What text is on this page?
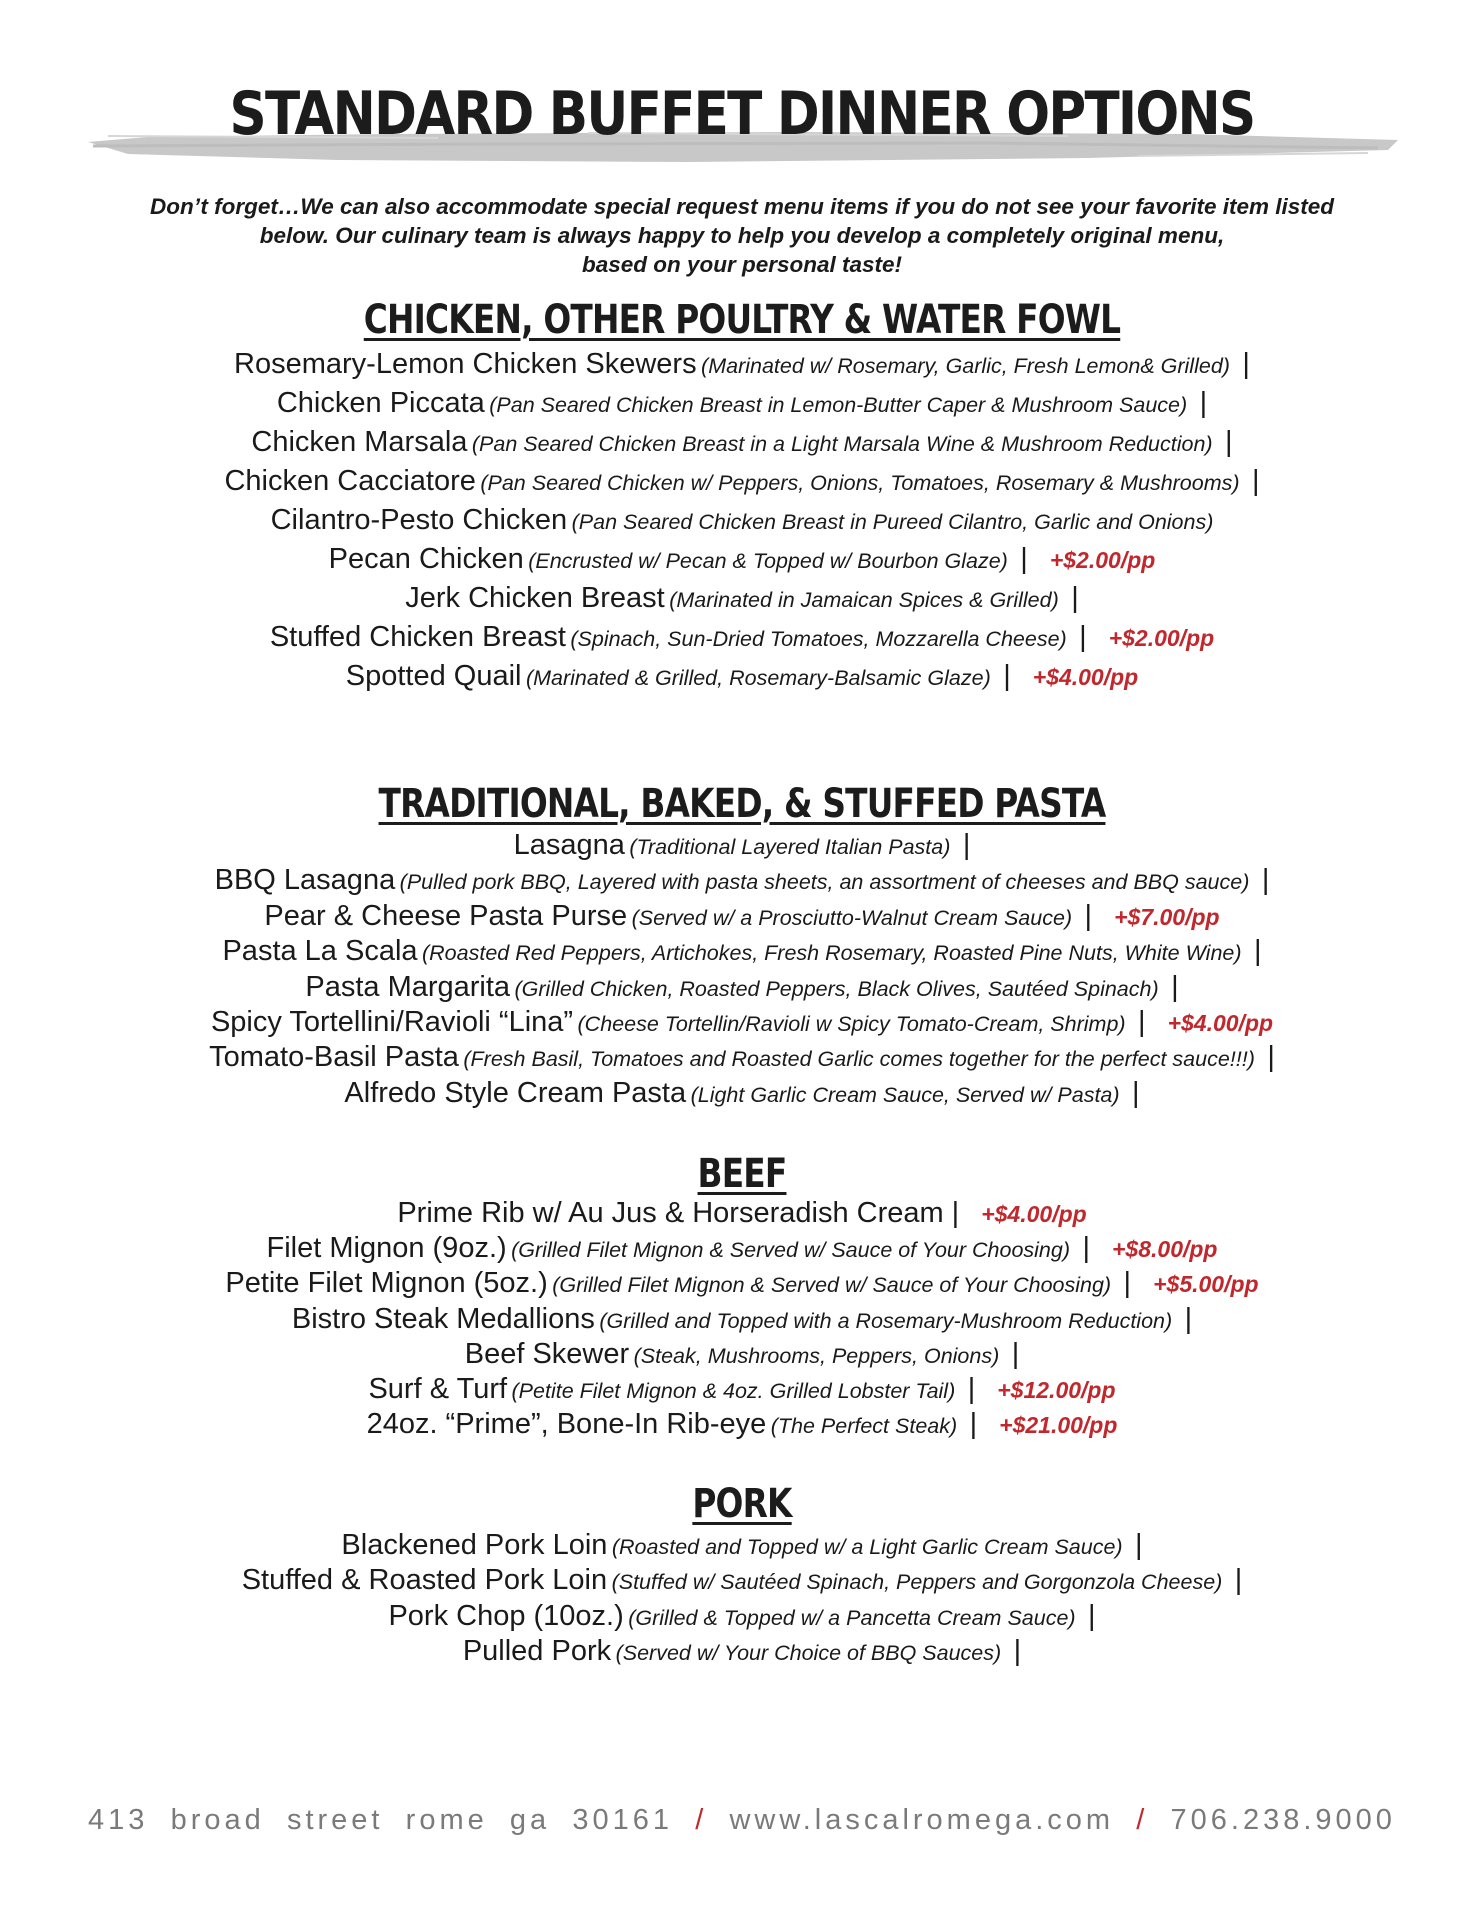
STANDARD BUFFET DINNER OPTIONS
Don’t forget…We can also accommodate special request menu items if you do not see your favorite item listed
below. Our culinary team is always happy to help you develop a completely original menu,
based on your personal taste!
CHICKEN, OTHER POULTRY & WATER FOWL
Rosemary-Lemon Chicken Skewers (Marinated w/ Rosemary, Garlic, Fresh Lemon& Grilled) |
Chicken Piccata (Pan Seared Chicken Breast in Lemon-Butter Caper & Mushroom Sauce) |
Chicken Marsala (Pan Seared Chicken Breast in a Light Marsala Wine & Mushroom Reduction) |
Chicken Cacciatore (Pan Seared Chicken w/ Peppers, Onions, Tomatoes, Rosemary & Mushrooms) |
Cilantro-Pesto Chicken (Pan Seared Chicken Breast in Pureed Cilantro, Garlic and Onions)
Pecan Chicken (Encrusted w/ Pecan & Topped w/ Bourbon Glaze) | +$2.00/pp
Jerk Chicken Breast (Marinated in Jamaican Spices & Grilled) |
Stuffed Chicken Breast (Spinach, Sun-Dried Tomatoes, Mozzarella Cheese) | +$2.00/pp
Spotted Quail (Marinated & Grilled, Rosemary-Balsamic Glaze) | +$4.00/pp
TRADITIONAL, BAKED, & STUFFED PASTA
Lasagna (Traditional Layered Italian Pasta) |
BBQ Lasagna (Pulled pork BBQ, Layered with pasta sheets, an assortment of cheeses and BBQ sauce) |
Pear & Cheese Pasta Purse (Served w/ a Prosciutto-Walnut Cream Sauce) | +$7.00/pp
Pasta La Scala (Roasted Red Peppers, Artichokes, Fresh Rosemary, Roasted Pine Nuts, White Wine) |
Pasta Margarita (Grilled Chicken, Roasted Peppers, Black Olives, Sautéed Spinach) |
Spicy Tortellini/Ravioli “Lina” (Cheese Tortellin/Ravioli w Spicy Tomato-Cream, Shrimp) | +$4.00/pp
Tomato-Basil Pasta (Fresh Basil, Tomatoes and Roasted Garlic comes together for the perfect sauce!!!) |
Alfredo Style Cream Pasta (Light Garlic Cream Sauce, Served w/ Pasta) |
BEEF
Prime Rib w/ Au Jus & Horseradish Cream | +$4.00/pp
Filet Mignon (9oz.) (Grilled Filet Mignon & Served w/ Sauce of Your Choosing) | +$8.00/pp
Petite Filet Mignon (5oz.) (Grilled Filet Mignon & Served w/ Sauce of Your Choosing) | +$5.00/pp
Bistro Steak Medallions (Grilled and Topped with a Rosemary-Mushroom Reduction) |
Beef Skewer (Steak, Mushrooms, Peppers, Onions) |
Surf & Turf (Petite Filet Mignon & 4oz. Grilled Lobster Tail) | +$12.00/pp
24oz. “Prime”, Bone-In Rib-eye (The Perfect Steak) | +$21.00/pp
PORK
Blackened Pork Loin (Roasted and Topped w/ a Light Garlic Cream Sauce) |
Stuffed & Roasted Pork Loin (Stuffed w/ Sautéed Spinach, Peppers and Gorgonzola Cheese) |
Pork Chop (10oz.) (Grilled & Topped w/ a Pancetta Cream Sauce) |
Pulled Pork (Served w/ Your Choice of BBQ Sauces) |
413 broad street rome ga 30161 / www.lascalromega.com / 706.238.9000
